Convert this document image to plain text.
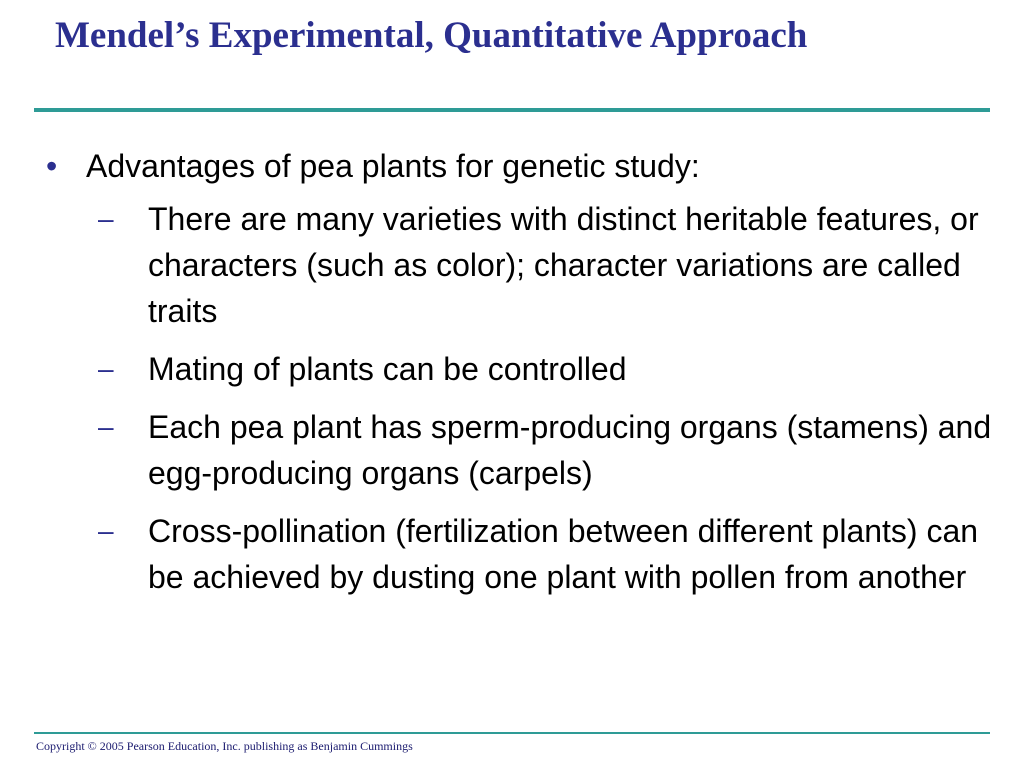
Mendel’s Experimental, Quantitative Approach
• Advantages of pea plants for genetic study:
– There are many varieties with distinct heritable features, or characters (such as color); character variations are called traits
– Mating of plants can be controlled
– Each pea plant has sperm-producing organs (stamens) and egg-producing organs (carpels)
– Cross-pollination (fertilization between different plants) can be achieved by dusting one plant with pollen from another
Copyright © 2005 Pearson Education, Inc. publishing as Benjamin Cummings
